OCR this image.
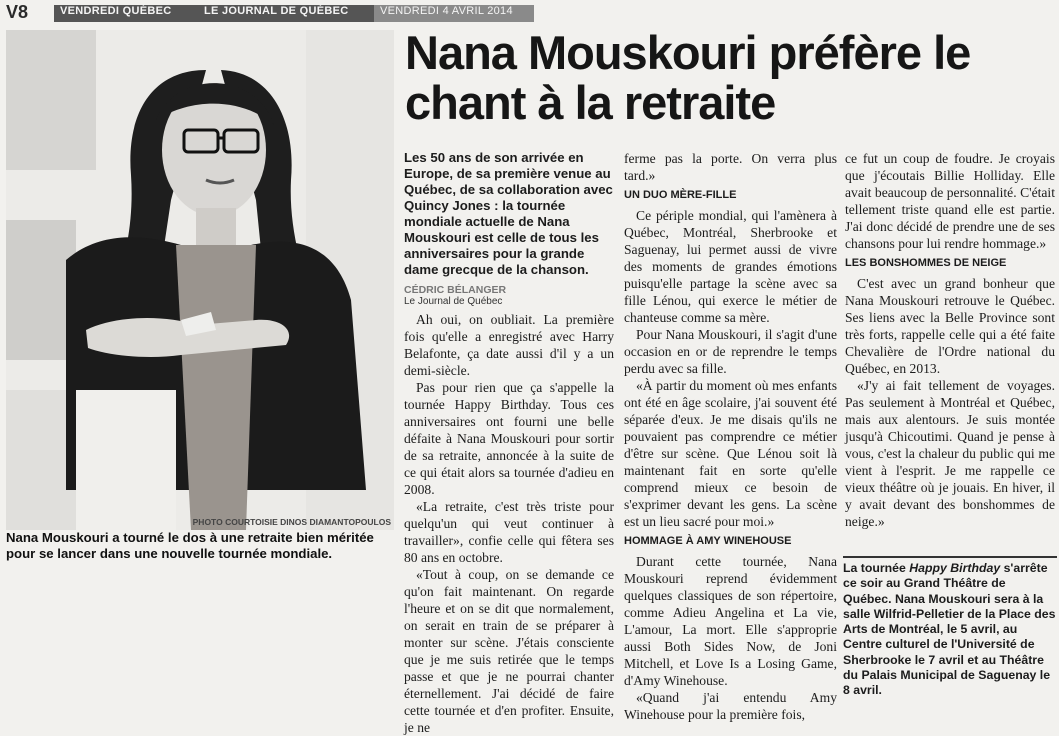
V8	VENDREDI QUÉBEC	LE JOURNAL DE QUÉBEC	VENDREDI 4 AVRIL 2014
PHOTO COURTOISIE DINOS DIAMANTOPOULOS
Nana Mouskouri a tourné le dos à une retraite bien méritée pour se lancer dans une nouvelle tournée mondiale.
Nana Mouskouri préfère le chant à la retraite
Les 50 ans de son arrivée en Europe, de sa première venue au Québec, de sa collaboration avec Quincy Jones : la tournée mondiale actuelle de Nana Mouskouri est celle de tous les anniversaires pour la grande dame grecque de la chanson.
CÉDRIC BÉLANGER
Le Journal de Québec

Ah oui, on oubliait. La première fois qu'elle a enregistré avec Harry Belafonte, ça date aussi d'il y a un demi-siècle.

Pas pour rien que ça s'appelle la tournée Happy Birthday. Tous ces anniversaires ont fourni une belle défaite à Nana Mouskouri pour sortir de sa retraite, annoncée à la suite de ce qui était alors sa tournée d'adieu en 2008.

«La retraite, c'est très triste pour quelqu'un qui veut continuer à travailler», confie celle qui fêtera ses 80 ans en octobre.

«Tout à coup, on se demande ce qu'on fait maintenant. On regarde l'heure et on se dit que normalement, on serait en train de se préparer à monter sur scène. J'étais consciente que je me suis retirée que le temps passe et que je ne pourrai chanter éternellement. J'ai décidé de faire cette tournée et d'en profiter. Ensuite, je ne

ferme pas la porte. On verra plus tard.»

UN DUO MÈRE-FILLE

Ce périple mondial, qui l'amènera à Québec, Montréal, Sherbrooke et Saguenay, lui permet aussi de vivre des moments de grandes émotions puisqu'elle partage la scène avec sa fille Lénou, qui exerce le métier de chanteuse comme sa mère.

Pour Nana Mouskouri, il s'agit d'une occasion en or de reprendre le temps perdu avec sa fille.

«À partir du moment où mes enfants ont été en âge scolaire, j'ai souvent été séparée d'eux. Je me disais qu'ils ne pouvaient pas comprendre ce métier d'être sur scène. Que Lénou soit là maintenant fait en sorte qu'elle comprend mieux ce besoin de s'exprimer devant les gens. La scène est un lieu sacré pour moi.»

HOMMAGE À AMY WINEHOUSE

Durant cette tournée, Nana Mouskouri reprend évidemment quelques classiques de son répertoire, comme Adieu Angelina et La vie, L'amour, La mort. Elle s'approprie aussi Both Sides Now, de Joni Mitchell, et Love Is a Losing Game, d'Amy Winehouse.

«Quand j'ai entendu Amy Winehouse pour la première fois,

ce fut un coup de foudre. Je croyais que j'écoutais Billie Holliday. Elle avait beaucoup de personnalité. C'était tellement triste quand elle est partie. J'ai donc décidé de prendre une de ses chansons pour lui rendre hommage.»

LES BONSHOMMES DE NEIGE

C'est avec un grand bonheur que Nana Mouskouri retrouve le Québec. Ses liens avec la Belle Province sont très forts, rappelle celle qui a été faite Chevalière de l'Ordre national du Québec, en 2013.

«J'y ai fait tellement de voyages. Pas seulement à Montréal et Québec, mais aux alentours. Je suis montée jusqu'à Chicoutimi. Quand je pense à vous, c'est la chaleur du public qui me vient à l'esprit. Je me rappelle ce vieux théâtre où je jouais. En hiver, il y avait devant des bonshommes de neige.»

La tournée Happy Birthday s'arrête ce soir au Grand Théâtre de Québec. Nana Mouskouri sera à la salle Wilfrid-Pelletier de la Place des Arts de Montréal, le 5 avril, au Centre culturel de l'Université de Sherbrooke le 7 avril et au Théâtre du Palais Municipal de Saguenay le 8 avril.
